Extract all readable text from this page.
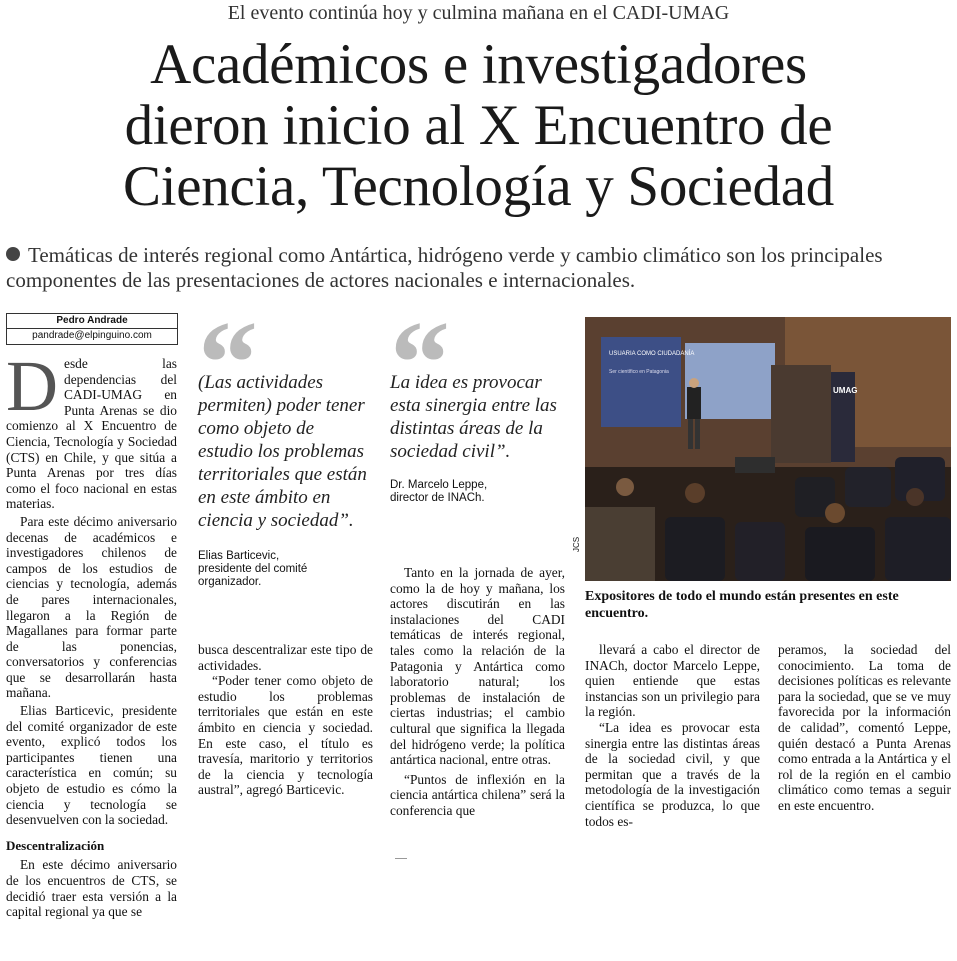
El evento continúa hoy y culmina mañana en el CADI-UMAG
Académicos e investigadores
dieron inicio al X Encuentro de
Ciencia, Tecnología y Sociedad
Temáticas de interés regional como Antártica, hidrógeno verde y cambio climático son los principales componentes de las presentaciones de actores nacionales e internacionales.
Pedro Andrade
pandrade@elpinguino.com

Desde las dependencias del CADI-UMAG en Punta Arenas se dio comienzo al X Encuentro de Ciencia, Tecnología y Sociedad (CTS) en Chile, y que sitúa a Punta Arenas por tres días como el foco nacional en estas materias.

Para este décimo aniversario decenas de académicos e investigadores chilenos de campos de los estudios de ciencias y tecnología, además de pares internacionales, llegaron a la Región de Magallanes para formar parte de las ponencias, conversatorios y conferencias que se desarrollarán hasta mañana.

Elias Barticevic, presidente del comité organizador de este evento, explicó todos los participantes tienen una característica en común; su objeto de estudio es cómo la ciencia y tecnología se desenvuelven con la sociedad.

Descentralización

En este décimo aniversario de los encuentros de CTS, se decidió traer esta versión a la capital regional ya que se

(Las actividades permiten) poder tener como objeto de estudio los problemas territoriales que están en este ámbito en ciencia y sociedad”.
Elias Barticevic,
presidente del comité organizador.

busca descentralizar este tipo de actividades.

“Poder tener como objeto de estudio los problemas territoriales que están en este ámbito en ciencia y sociedad. En este caso, el título es travesía, maritorio y territorios de la ciencia y tecnología austral”, agregó Barticevic.

La idea es provocar esta sinergia entre las distintas áreas de la sociedad civil”.
Dr. Marcelo Leppe,
director de INACh.

Tanto en la jornada de ayer, como la de hoy y mañana, los actores discutirán en las instalaciones del CADI temáticas de interés regional, tales como la relación de la Patagonia y Antártica como laboratorio natural; los problemas de instalación de ciertas industrias; el cambio cultural que significa la llegada del hidrógeno verde; la política antártica nacional, entre otras.

“Puntos de inflexión en la ciencia antártica chilena” será la conferencia que

USUARIA COMO CIUDADANÍA
Ser científico en Patagonia
UMAG
JCS
Expositores de todo el mundo están presentes en este encuentro.

llevará a cabo el director de INACh, doctor Marcelo Leppe, quien entiende que estas instancias son un privilegio para la región.

“La idea es provocar esta sinergia entre las distintas áreas de la sociedad civil, y que permitan que a través de la metodología de la investigación científica se produzca, lo que todos es-

peramos, la sociedad del conocimiento. La toma de decisiones políticas es relevante para la sociedad, que se ve muy favorecida por la información de calidad”, comentó Leppe, quién destacó a Punta Arenas como entrada a la Antártica y el rol de la región en el cambio climático como temas a seguir en este encuentro.
